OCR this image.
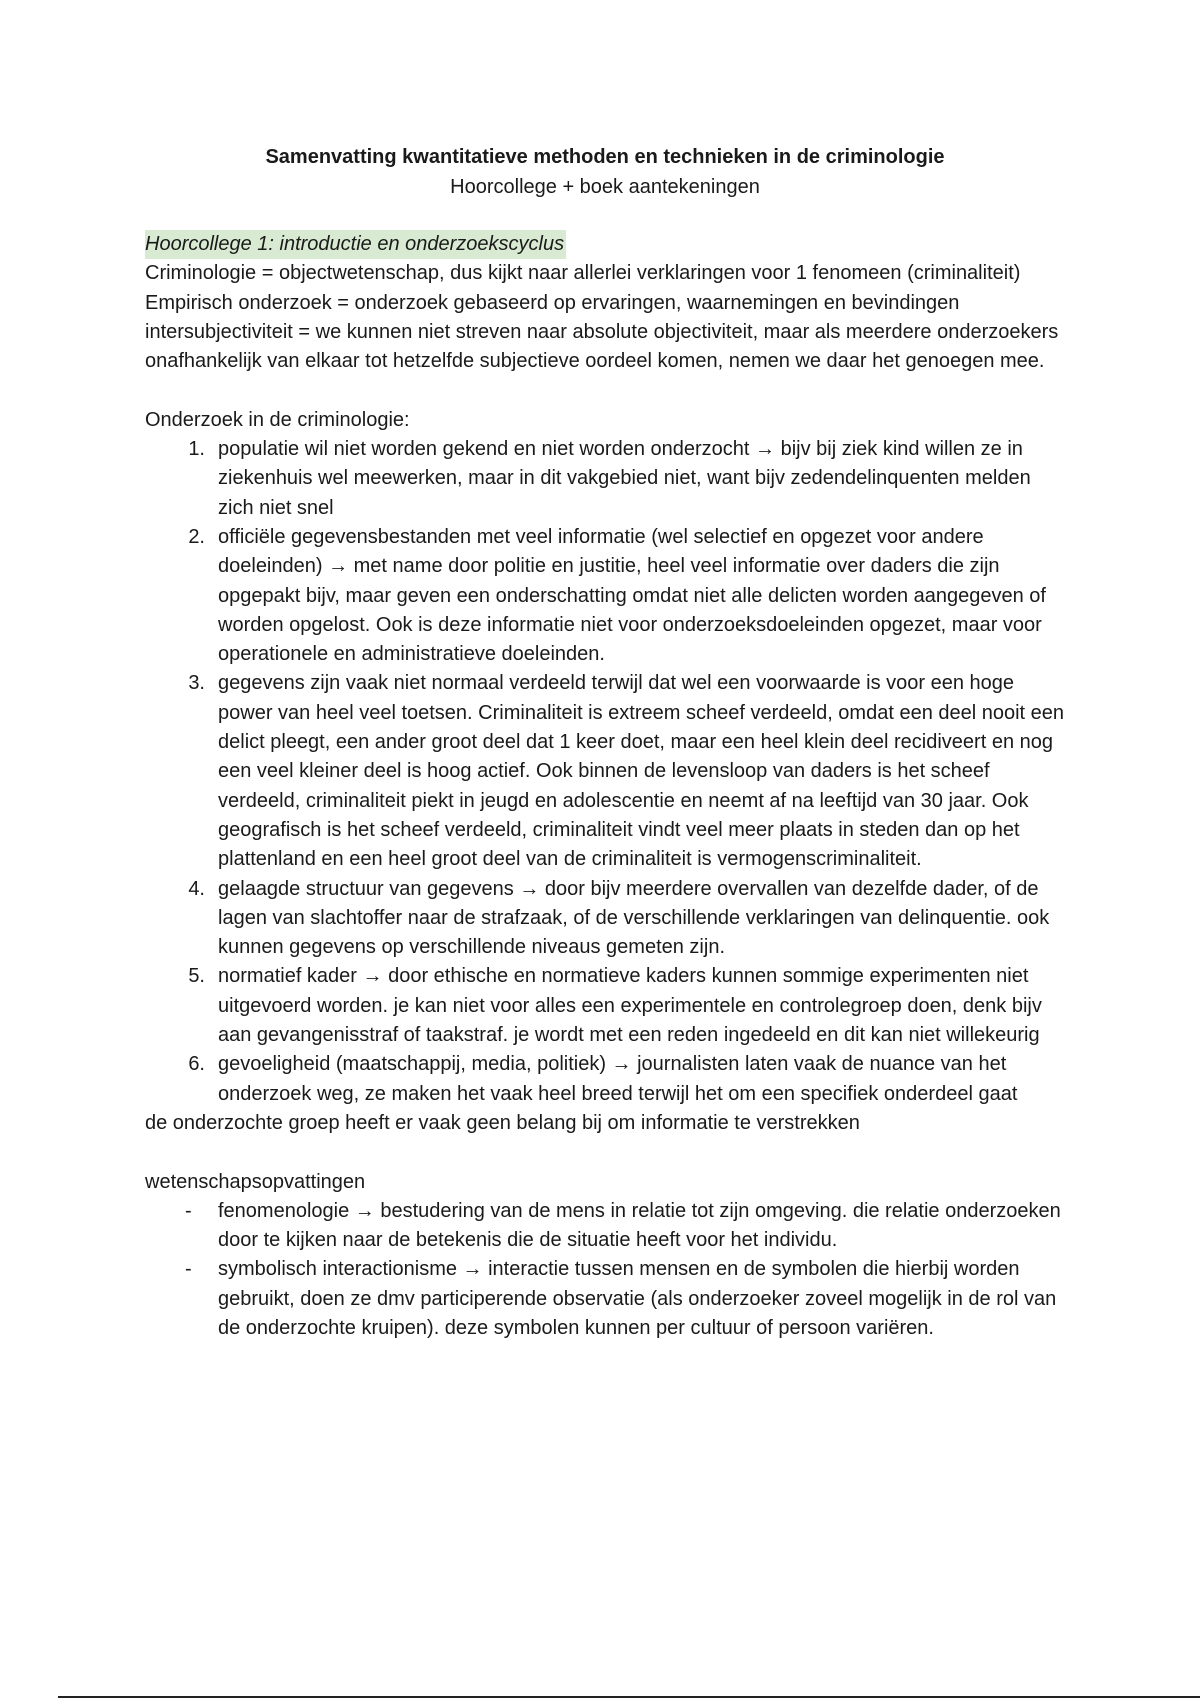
Samenvatting kwantitatieve methoden en technieken in de criminologie

Hoorcollege + boek aantekeningen

Hoorcollege 1: introductie en onderzoekscyclus

Criminologie = objectwetenschap, dus kijkt naar allerlei verklaringen voor 1 fenomeen (criminaliteit)

Empirisch onderzoek = onderzoek gebaseerd op ervaringen, waarnemingen en bevindingen

intersubjectiviteit = we kunnen niet streven naar absolute objectiviteit, maar als meerdere onderzoekers onafhankelijk van elkaar tot hetzelfde subjectieve oordeel komen, nemen we daar het genoegen mee.

Onderzoek in de criminologie:

1. populatie wil niet worden gekend en niet worden onderzocht → bijv bij ziek kind willen ze in ziekenhuis wel meewerken, maar in dit vakgebied niet, want bijv zedendelinquenten melden zich niet snel
2. officiële gegevensbestanden met veel informatie (wel selectief en opgezet voor andere doeleinden) → met name door politie en justitie, heel veel informatie over daders die zijn opgepakt bijv, maar geven een onderschatting omdat niet alle delicten worden aangegeven of worden opgelost. Ook is deze informatie niet voor onderzoeksdoeleinden opgezet, maar voor operationele en administratieve doeleinden.
3. gegevens zijn vaak niet normaal verdeeld terwijl dat wel een voorwaarde is voor een hoge power van heel veel toetsen. Criminaliteit is extreem scheef verdeeld, omdat een deel nooit een delict pleegt, een ander groot deel dat 1 keer doet, maar een heel klein deel recidiveert en nog een veel kleiner deel is hoog actief. Ook binnen de levensloop van daders is het scheef verdeeld, criminaliteit piekt in jeugd en adolescentie en neemt af na leeftijd van 30 jaar. Ook geografisch is het scheef verdeeld, criminaliteit vindt veel meer plaats in steden dan op het plattenland en een heel groot deel van de criminaliteit is vermogenscriminaliteit.
4. gelaagde structuur van gegevens → door bijv meerdere overvallen van dezelfde dader, of de lagen van slachtoffer naar de strafzaak, of de verschillende verklaringen van delinquentie. ook kunnen gegevens op verschillende niveaus gemeten zijn.
5. normatief kader → door ethische en normatieve kaders kunnen sommige experimenten niet uitgevoerd worden. je kan niet voor alles een experimentele en controlegroep doen, denk bijv aan gevangenisstraf of taakstraf. je wordt met een reden ingedeeld en dit kan niet willekeurig
6. gevoeligheid (maatschappij, media, politiek) → journalisten laten vaak de nuance van het onderzoek weg, ze maken het vaak heel breed terwijl het om een specifiek onderdeel gaat

de onderzochte groep heeft er vaak geen belang bij om informatie te verstrekken

wetenschapsopvattingen

- fenomenologie → bestudering van de mens in relatie tot zijn omgeving. die relatie onderzoeken door te kijken naar de betekenis die de situatie heeft voor het individu.
- symbolisch interactionisme → interactie tussen mensen en de symbolen die hierbij worden gebruikt, doen ze dmv participerende observatie (als onderzoeker zoveel mogelijk in de rol van de onderzochte kruipen). deze symbolen kunnen per cultuur of persoon variëren.
